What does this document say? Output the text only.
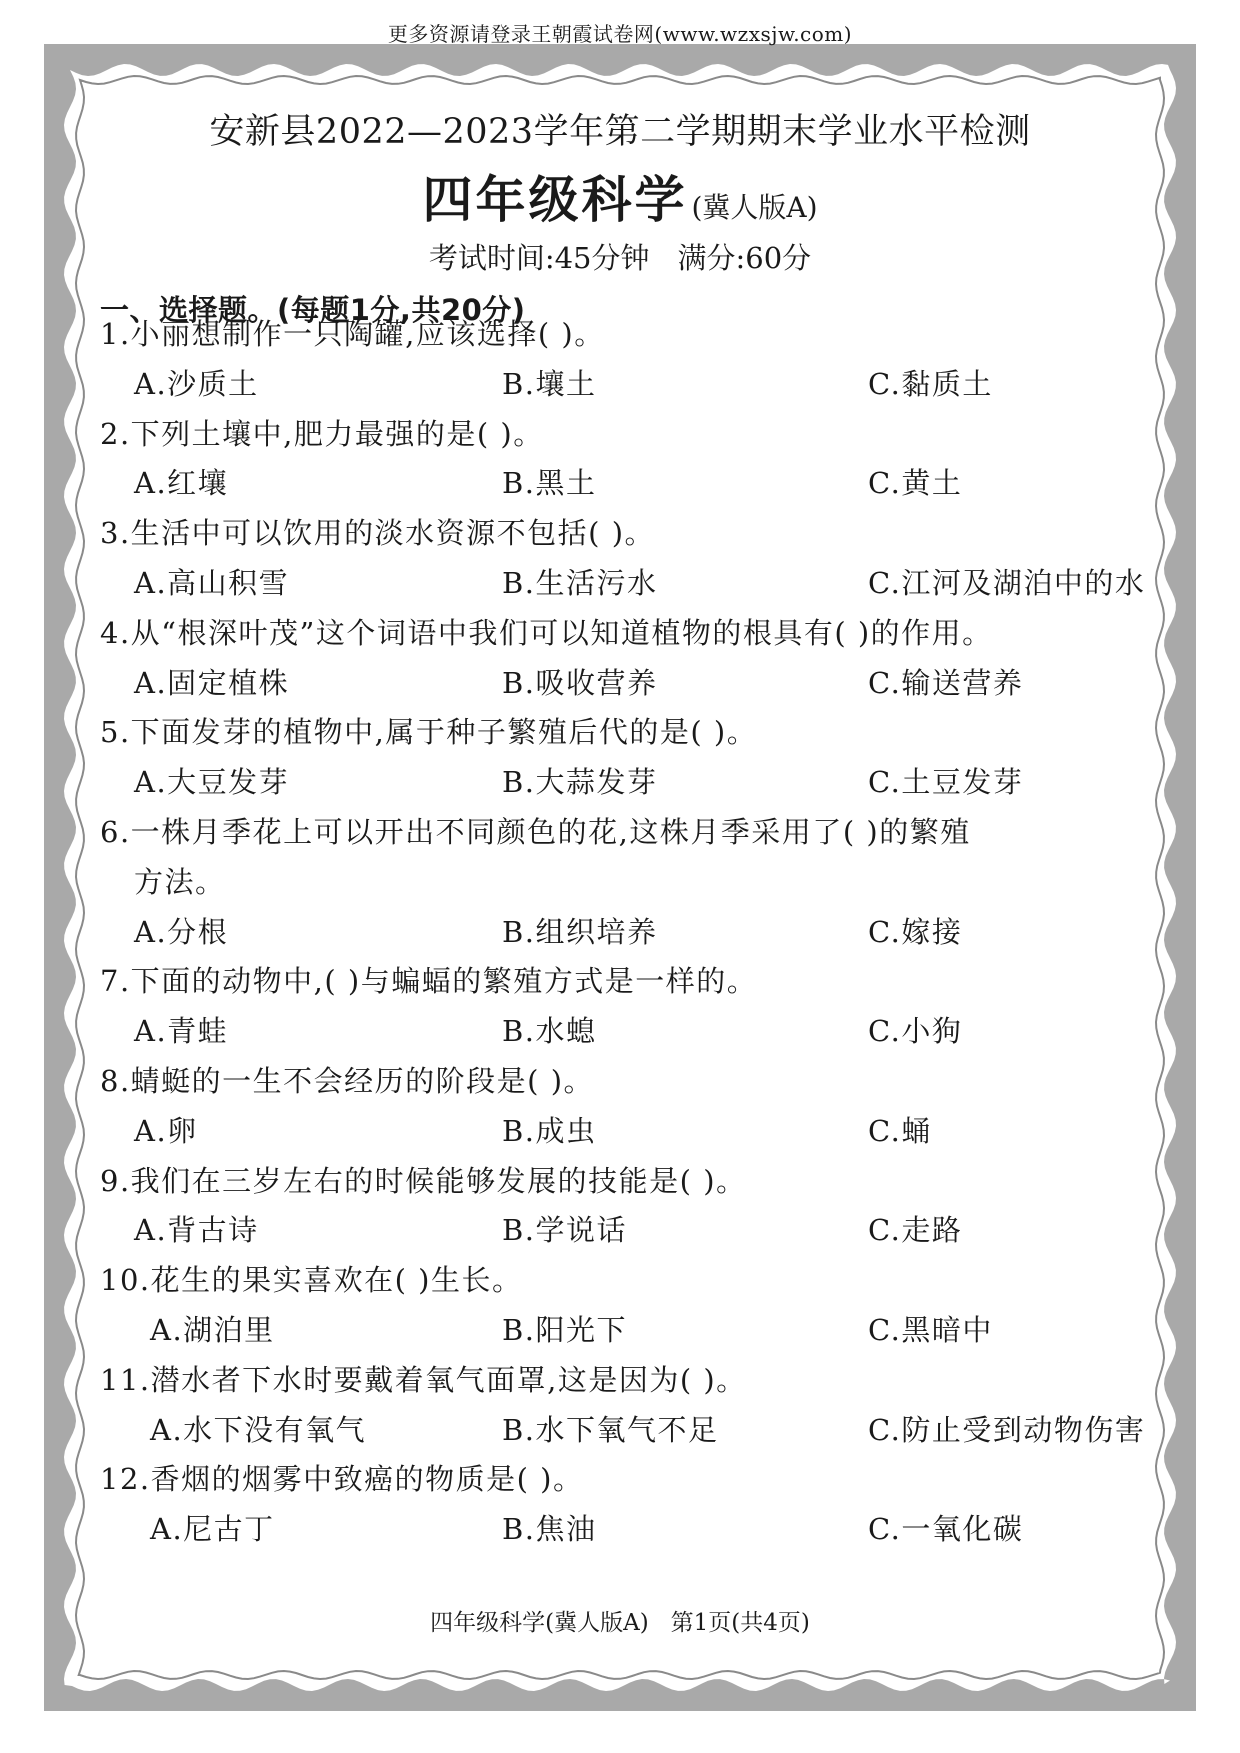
更多资源请登录王朝霞试卷网(www.wzxsjw.com)
安新县2022—2023学年第二学期期末学业水平检测
四年级科学 (冀人版A)
考试时间:45分钟 满分:60分
一、选择题。(每题1分,共20分)
1.小丽想制作一只陶罐,应该选择( )。
A.沙质土	B.壤土	C.黏质土
2.下列土壤中,肥力最强的是( )。
A.红壤	B.黑土	C.黄土
3.生活中可以饮用的淡水资源不包括( )。
A.高山积雪	B.生活污水	C.江河及湖泊中的水
4.从“根深叶茂”这个词语中我们可以知道植物的根具有( )的作用。
A.固定植株	B.吸收营养	C.输送营养
5.下面发芽的植物中,属于种子繁殖后代的是( )。
A.大豆发芽	B.大蒜发芽	C.土豆发芽
6.一株月季花上可以开出不同颜色的花,这株月季采用了( )的繁殖
方法。
A.分根	B.组织培养	C.嫁接
7.下面的动物中,( )与蝙蝠的繁殖方式是一样的。
A.青蛙	B.水螅	C.小狗
8.蜻蜓的一生不会经历的阶段是( )。
A.卵	B.成虫	C.蛹
9.我们在三岁左右的时候能够发展的技能是( )。
A.背古诗	B.学说话	C.走路
10.花生的果实喜欢在( )生长。
A.湖泊里	B.阳光下	C.黑暗中
11.潜水者下水时要戴着氧气面罩,这是因为( )。
A.水下没有氧气	B.水下氧气不足	C.防止受到动物伤害
12.香烟的烟雾中致癌的物质是( )。
A.尼古丁	B.焦油	C.一氧化碳
四年级科学(冀人版A) 第1页(共4页)
